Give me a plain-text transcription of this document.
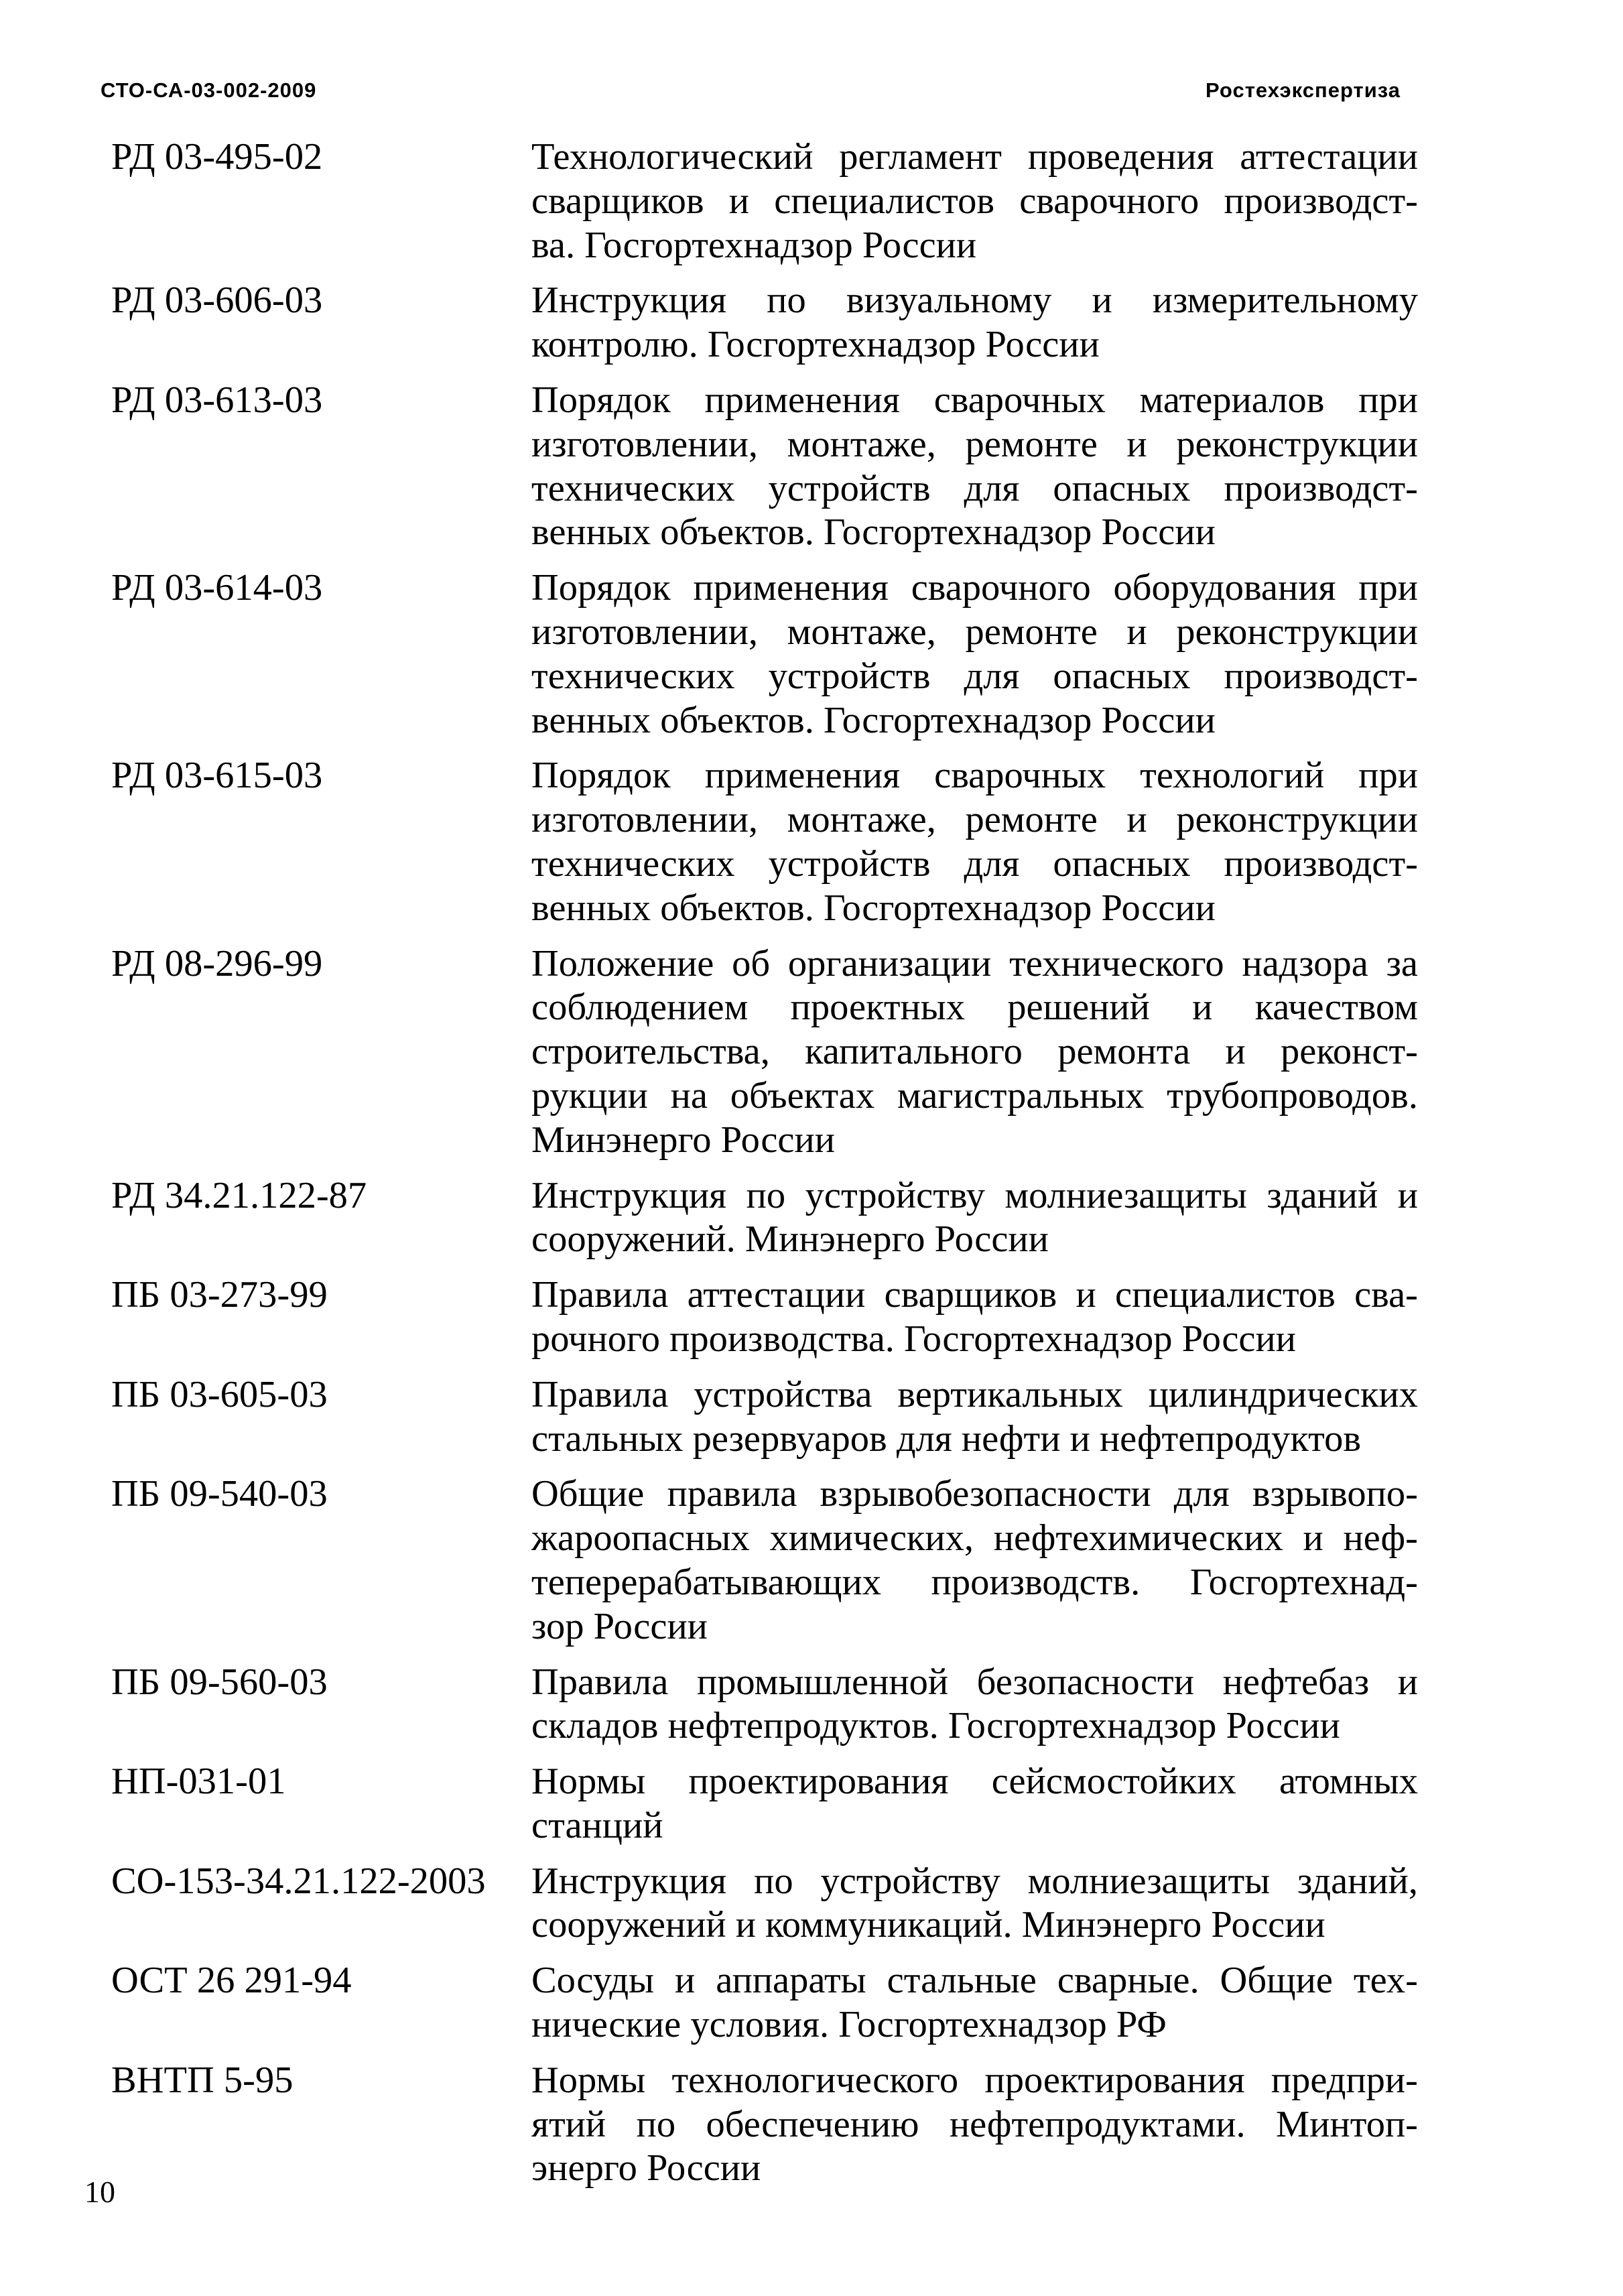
СТО-СА-03-002-2009	Ростехэкспертиза
РД 03-495-02	Технологический регламент проведения аттестации
сварщиков и специалистов сварочного производст-
ва. Госгортехнадзор России
РД 03-606-03	Инструкция по визуальному и измерительному
контролю. Госгортехнадзор России
РД 03-613-03	Порядок применения сварочных материалов при
изготовлении, монтаже, ремонте и реконструкции
технических устройств для опасных производст-
венных объектов. Госгортехнадзор России
РД 03-614-03	Порядок применения сварочного оборудования при
изготовлении, монтаже, ремонте и реконструкции
технических устройств для опасных производст-
венных объектов. Госгортехнадзор России
РД 03-615-03	Порядок применения сварочных технологий при
изготовлении, монтаже, ремонте и реконструкции
технических устройств для опасных производст-
венных объектов. Госгортехнадзор России
РД 08-296-99	Положение об организации технического надзора за
соблюдением проектных решений и качеством
строительства, капитального ремонта и реконст-
рукции на объектах магистральных трубопроводов.
Минэнерго России
РД 34.21.122-87	Инструкция по устройству молниезащиты зданий и
сооружений. Минэнерго России
ПБ 03-273-99	Правила аттестации сварщиков и специалистов сва-
рочного производства. Госгортехнадзор России
ПБ 03-605-03	Правила устройства вертикальных цилиндрических
стальных резервуаров для нефти и нефтепродуктов
ПБ 09-540-03	Общие правила взрывобезопасности для взрывопо-
жароопасных химических, нефтехимических и неф-
теперерабатывающих производств. Госгортехнад-
зор России
ПБ 09-560-03	Правила промышленной безопасности нефтебаз и
складов нефтепродуктов. Госгортехнадзор России
НП-031-01	Нормы проектирования сейсмостойких атомных
станций
СО-153-34.21.122-2003	Инструкция по устройству молниезащиты зданий,
сооружений и коммуникаций. Минэнерго России
ОСТ 26 291-94	Сосуды и аппараты стальные сварные. Общие тех-
нические условия. Госгортехнадзор РФ
ВНТП 5-95	Нормы технологического проектирования предпри-
ятий по обеспечению нефтепродуктами. Минтоп-
энерго России
10
